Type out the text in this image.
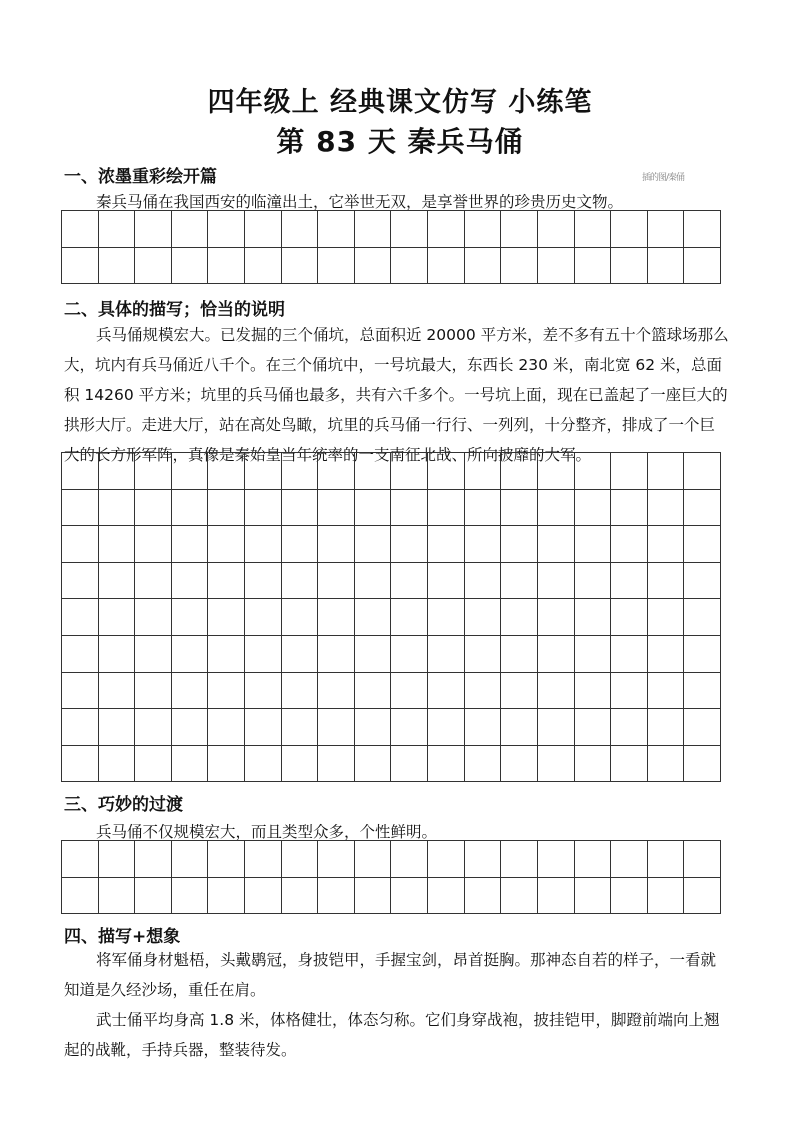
四年级上 经典课文仿写 小练笔
第 83 天 秦兵马俑
插的图/秦俑
一、浓墨重彩绘开篇
秦兵马俑在我国西安的临潼出土，它举世无双，是享誉世界的珍贵历史文物。
二、具体的描写；恰当的说明

兵马俑规模宏大。已发掘的三个俑坑，总面积近 20000 平方米，差不多有五十个篮球场那么大，坑内有兵马俑近八千个。在三个俑坑中，一号坑最大，东西长 230 米，南北宽 62 米，总面积 14260 平方米；坑里的兵马俑也最多，共有六千多个。一号坑上面，现在已盖起了一座巨大的拱形大厅。走进大厅，站在高处鸟瞰，坑里的兵马俑一行行、一列列，十分整齐，排成了一个巨大的长方形军阵，真像是秦始皇当年统率的一支南征北战、所向披靡的大军。

三、巧妙的过渡
兵马俑不仅规模宏大，而且类型众多，个性鲜明。
四、描写+想象

将军俑身材魁梧，头戴鹖冠，身披铠甲，手握宝剑，昂首挺胸。那神态自若的样子，一看就知道是久经沙场，重任在肩。

武士俑平均身高 1.8 米，体格健壮，体态匀称。它们身穿战袍，披挂铠甲，脚蹬前端向上翘起的战靴，手持兵器，整装待发。
